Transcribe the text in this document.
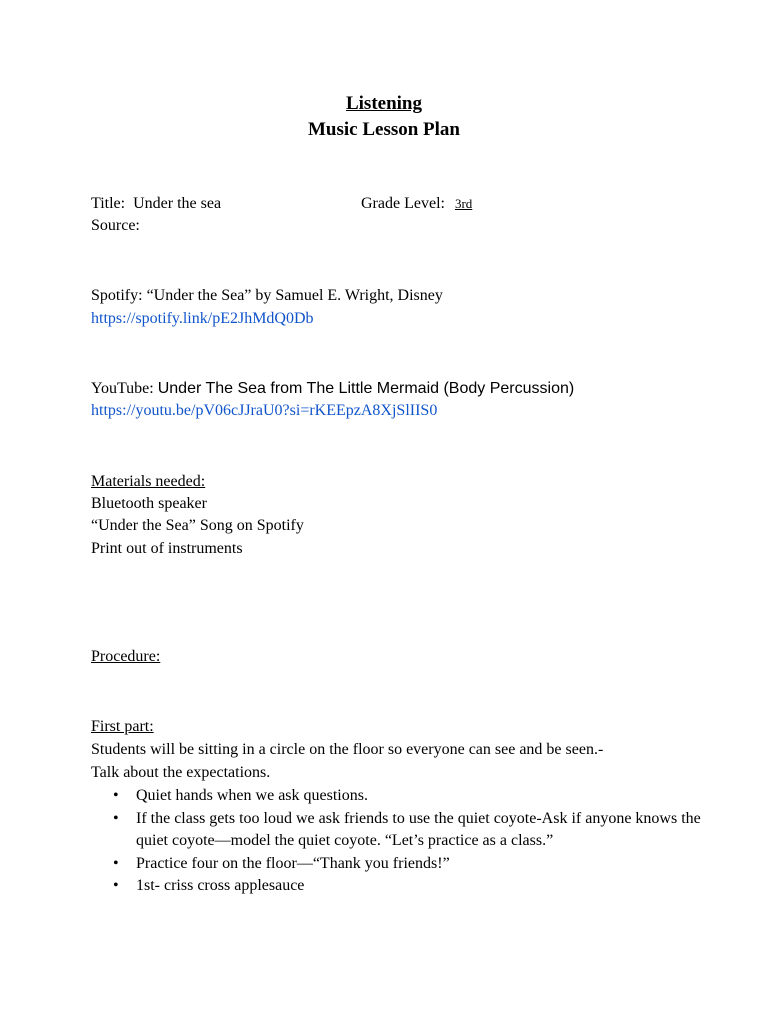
Listening
Music Lesson Plan
Title: Under the sea	Grade Level: 3rd
Source:
Spotify: “Under the Sea” by Samuel E. Wright, Disney
https://spotify.link/pE2JhMdQ0Db
YouTube: Under The Sea from The Little Mermaid (Body Percussion)
https://youtu.be/pV06cJJraU0?si=rKEEpzA8XjSlIIS0
Materials needed:
Bluetooth speaker
“Under the Sea” Song on Spotify
Print out of instruments
Procedure:
First part:
Students will be sitting in a circle on the floor so everyone can see and be seen.-
Talk about the expectations.
• Quiet hands when we ask questions.
• If the class gets too loud we ask friends to use the quiet coyote-Ask if anyone knows the quiet coyote—model the quiet coyote. “Let’s practice as a class.”
• Practice four on the floor—“Thank you friends!”
• 1st- criss cross applesauce
